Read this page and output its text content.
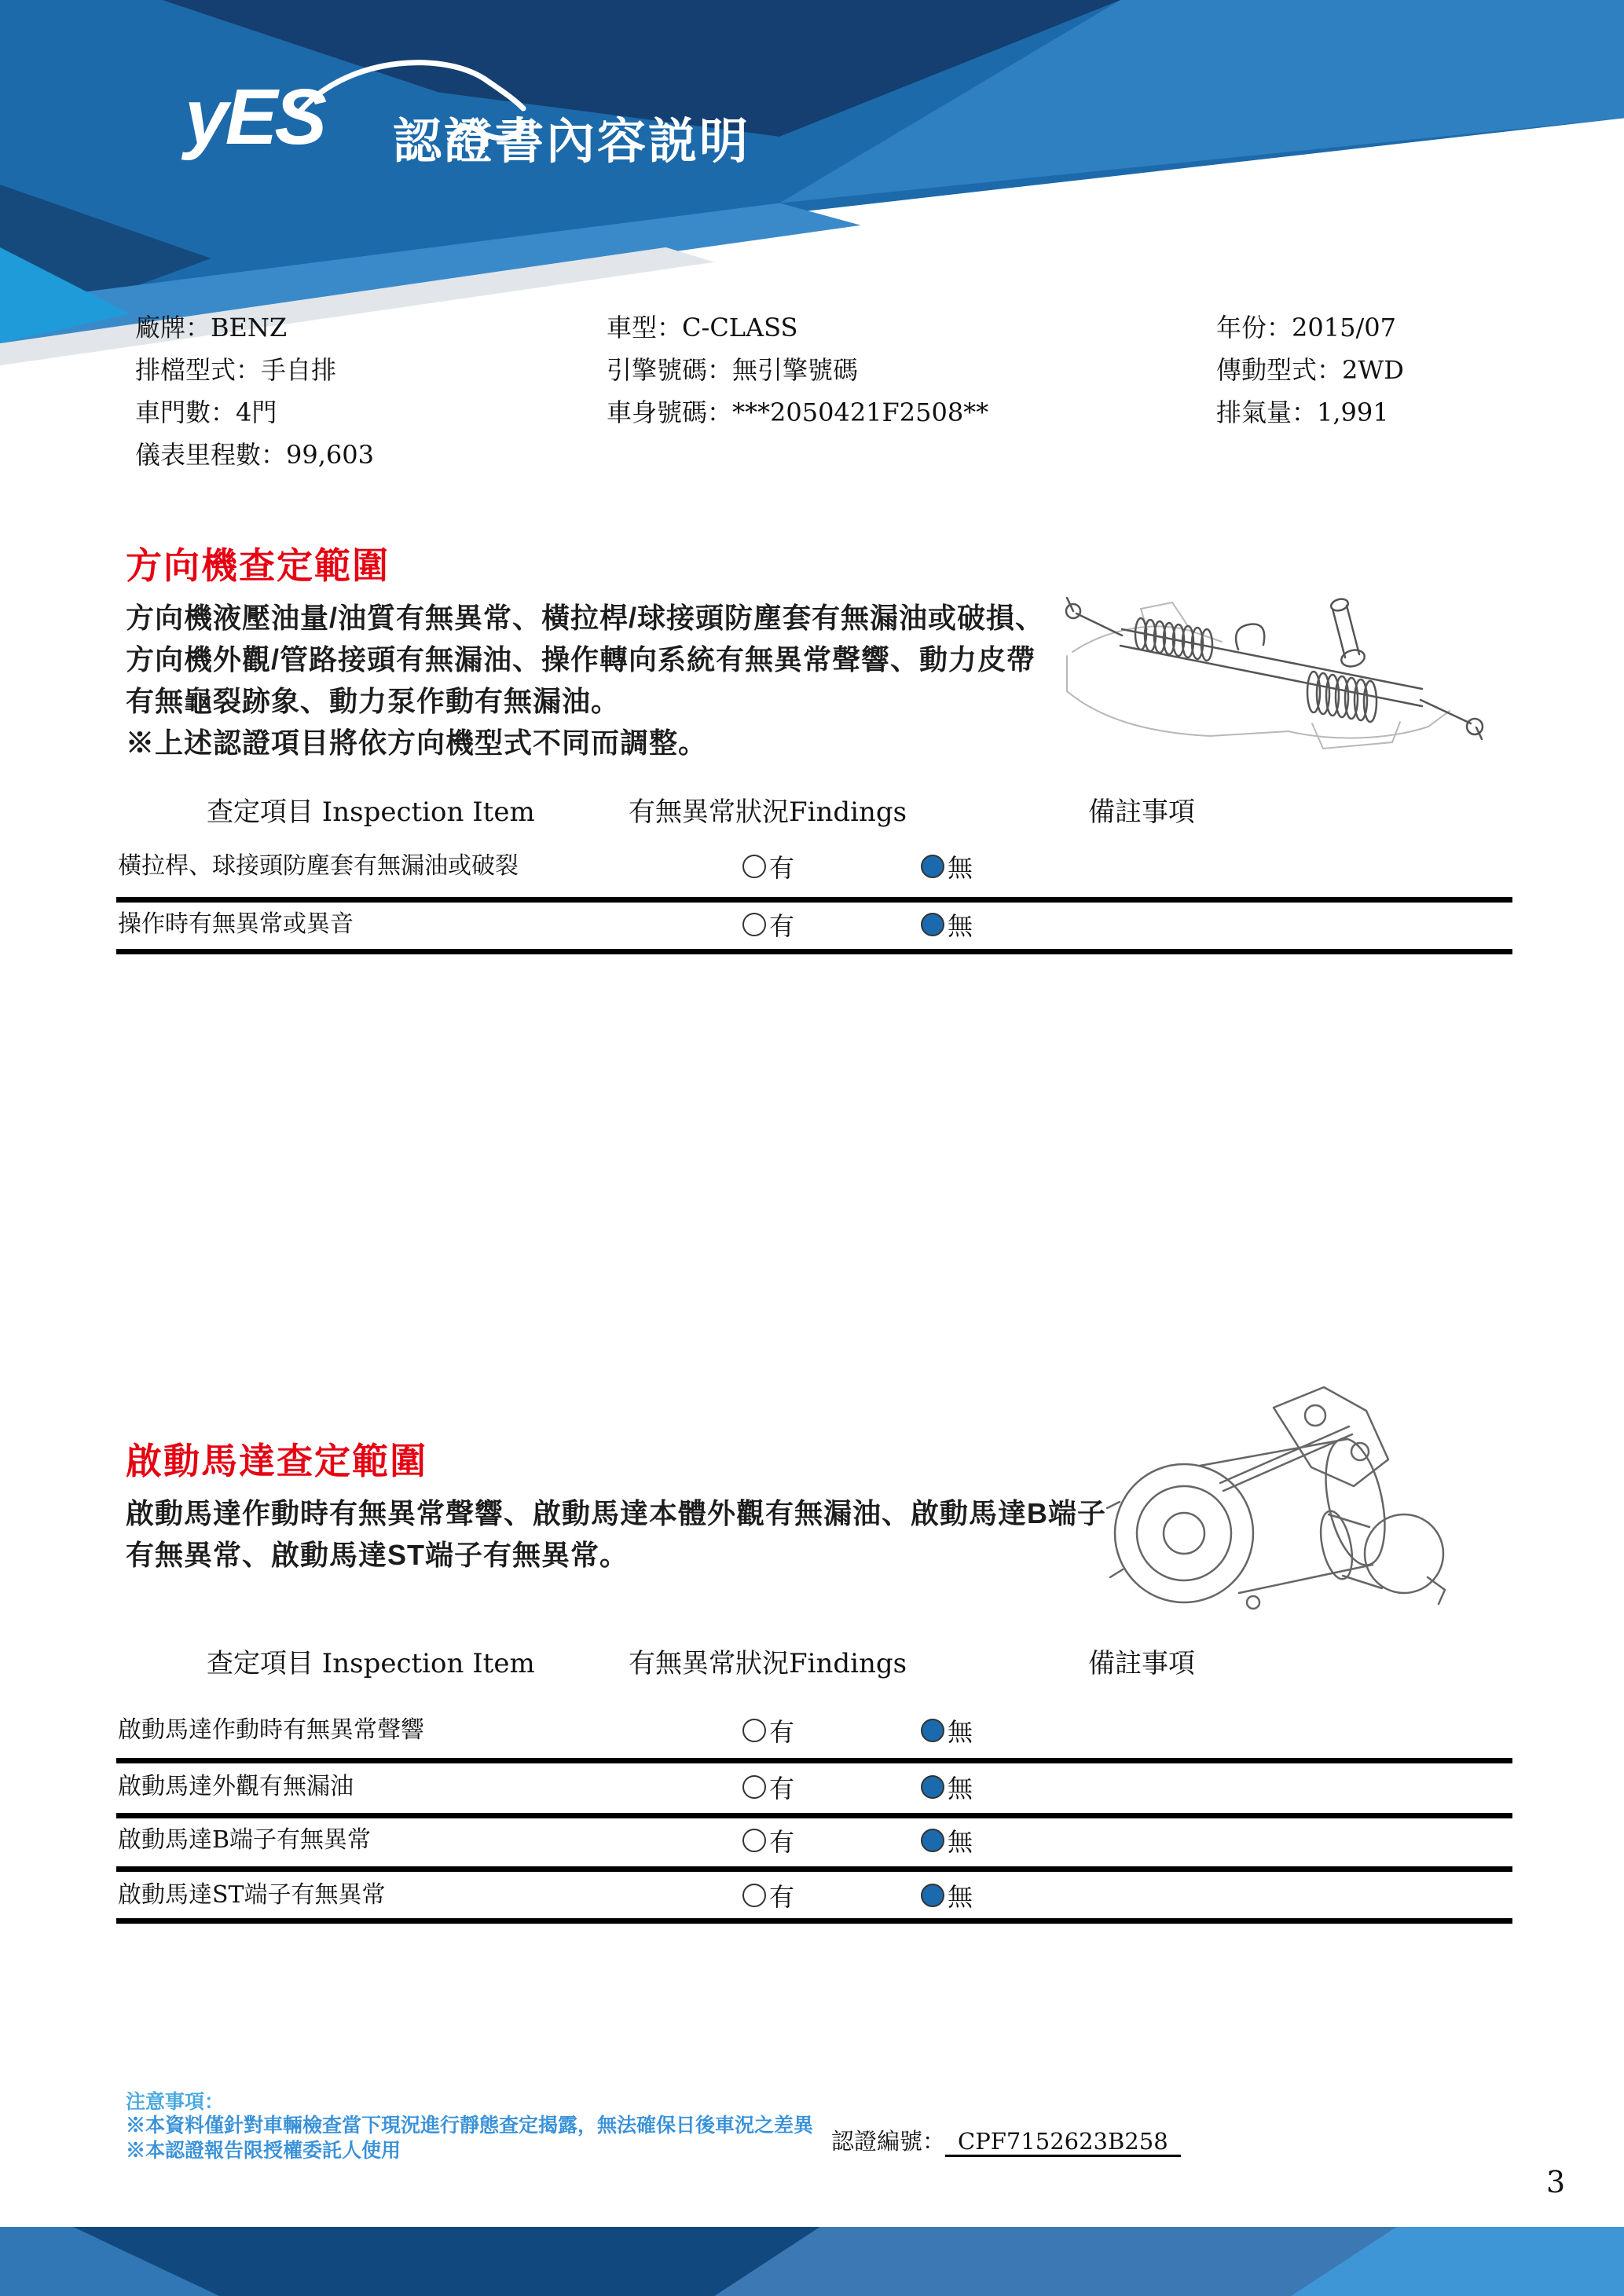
yES 認證書內容説明
廠牌：BENZ
排檔型式：手自排
車門數：4門
儀表里程數：99,603
車型：C-CLASS
引擎號碼：無引擎號碼
車身號碼：***2050421F2508**
年份：2015/07
傳動型式：2WD
排氣量：1,991
方向機查定範圍
方向機液壓油量/油質有無異常、橫拉桿/球接頭防塵套有無漏油或破損、
方向機外觀/管路接頭有無漏油、操作轉向系統有無異常聲響、動力皮帶
有無龜裂跡象、動力泵作動有無漏油。
※上述認證項目將依方向機型式不同而調整。
查定項目 Inspection Item	有無異常狀況Findings	備註事項
橫拉桿、球接頭防塵套有無漏油或破裂	有	無
操作時有無異常或異音	有	無
啟動馬達查定範圍
啟動馬達作動時有無異常聲響、啟動馬達本體外觀有無漏油、啟動馬達B端子
有無異常、啟動馬達ST端子有無異常。
查定項目 Inspection Item	有無異常狀況Findings	備註事項
啟動馬達作動時有無異常聲響	有	無
啟動馬達外觀有無漏油	有	無
啟動馬達B端子有無異常	有	無
啟動馬達ST端子有無異常	有	無
注意事項：
※本資料僅針對車輛檢查當下現況進行靜態查定揭露，無法確保日後車況之差異
※本認證報告限授權委託人使用	認證編號： CPF7152623B258
3
